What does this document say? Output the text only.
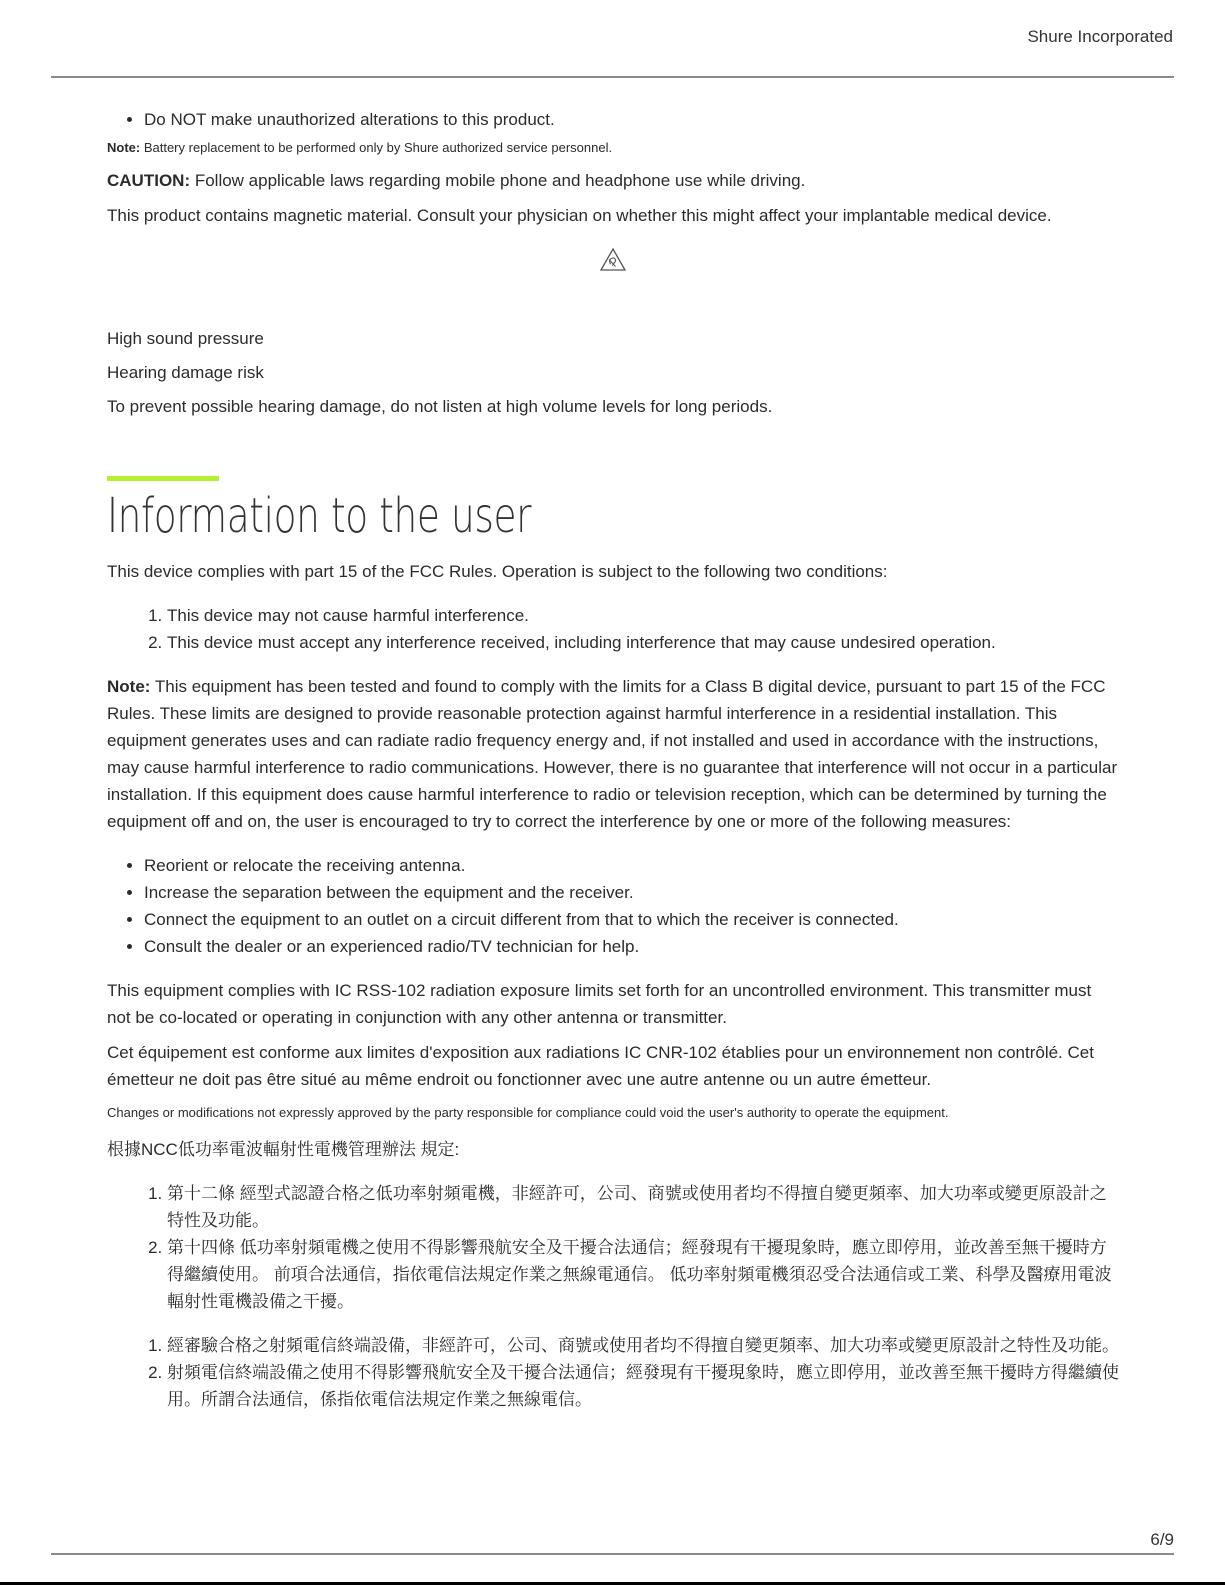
Shure Incorporated
• Do NOT make unauthorized alterations to this product.

Note: Battery replacement to be performed only by Shure authorized service personnel.

CAUTION: Follow applicable laws regarding mobile phone and headphone use while driving.

This product contains magnetic material. Consult your physician on whether this might affect your implantable medical device.

High sound pressure

Hearing damage risk

To prevent possible hearing damage, do not listen at high volume levels for long periods.

Information to the user

This device complies with part 15 of the FCC Rules. Operation is subject to the following two conditions:

1. This device may not cause harmful interference.
2. This device must accept any interference received, including interference that may cause undesired operation.

Note: This equipment has been tested and found to comply with the limits for a Class B digital device, pursuant to part 15 of the FCC Rules. These limits are designed to provide reasonable protection against harmful interference in a residential installation. This equipment generates uses and can radiate radio frequency energy and, if not installed and used in accordance with the instructions, may cause harmful interference to radio communications. However, there is no guarantee that interference will not occur in a particular installation. If this equipment does cause harmful interference to radio or television reception, which can be determined by turning the equipment off and on, the user is encouraged to try to correct the interference by one or more of the following measures:

• Reorient or relocate the receiving antenna.
• Increase the separation between the equipment and the receiver.
• Connect the equipment to an outlet on a circuit different from that to which the receiver is connected.
• Consult the dealer or an experienced radio/TV technician for help.

This equipment complies with IC RSS-102 radiation exposure limits set forth for an uncontrolled environment. This transmitter must not be co-located or operating in conjunction with any other antenna or transmitter.

Cet équipement est conforme aux limites d'exposition aux radiations IC CNR-102 établies pour un environnement non contrôlé. Cet émetteur ne doit pas être situé au même endroit ou fonctionner avec une autre antenne ou un autre émetteur.

Changes or modifications not expressly approved by the party responsible for compliance could void the user's authority to operate the equipment.

根據NCC低功率電波輻射性電機管理辦法 規定:

1. 第十二條 經型式認證合格之低功率射頻電機，非經許可，公司、商號或使用者均不得擅自變更頻率、加大功率或變更原設計之特性及功能。
2. 第十四條 低功率射頻電機之使用不得影響飛航安全及干擾合法通信；經發現有干擾現象時，應立即停用，並改善至無干擾時方得繼續使用。 前項合法通信，指依電信法規定作業之無線電通信。 低功率射頻電機須忍受合法通信或工業、科學及醫療用電波輻射性電機設備之干擾。
1. 經審驗合格之射頻電信終端設備，非經許可，公司、商號或使用者均不得擅自變更頻率、加大功率或變更原設計之特性及功能。
2. 射頻電信終端設備之使用不得影響飛航安全及干擾合法通信；經發現有干擾現象時，應立即停用，並改善至無干擾時方得繼續使用。所謂合法通信，係指依電信法規定作業之無線電信。
6/9
